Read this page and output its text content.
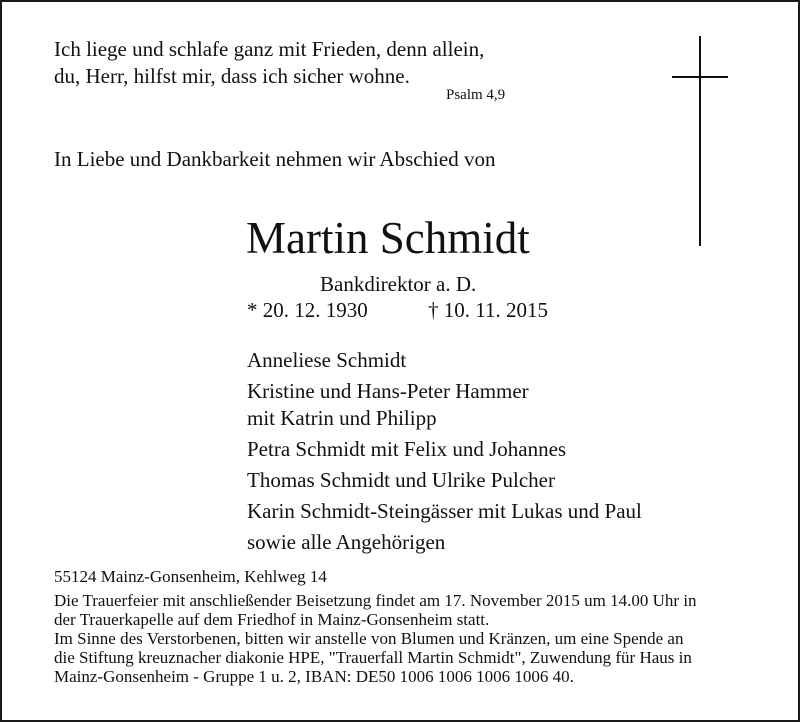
Ich liege und schlafe ganz mit Frieden, denn allein,
du, Herr, hilfst mir, dass ich sicher wohne.
Psalm 4,9
In Liebe und Dankbarkeit nehmen wir Abschied von
Martin Schmidt
Bankdirektor a. D.
* 20. 12. 1930	† 10. 11. 2015
Anneliese Schmidt
Kristine und Hans-Peter Hammer
mit Katrin und Philipp
Petra Schmidt mit Felix und Johannes
Thomas Schmidt und Ulrike Pulcher
Karin Schmidt-Steingässer mit Lukas und Paul
sowie alle Angehörigen
55124 Mainz-Gonsenheim, Kehlweg 14
Die Trauerfeier mit anschließender Beisetzung findet am 17. November 2015 um 14.00 Uhr in
der Trauerkapelle auf dem Friedhof in Mainz-Gonsenheim statt.
Im Sinne des Verstorbenen, bitten wir anstelle von Blumen und Kränzen, um eine Spende an
die Stiftung kreuznacher diakonie HPE, "Trauerfall Martin Schmidt", Zuwendung für Haus in
Mainz-Gonsenheim - Gruppe 1 u. 2, IBAN: DE50 1006 1006 1006 1006 40.
